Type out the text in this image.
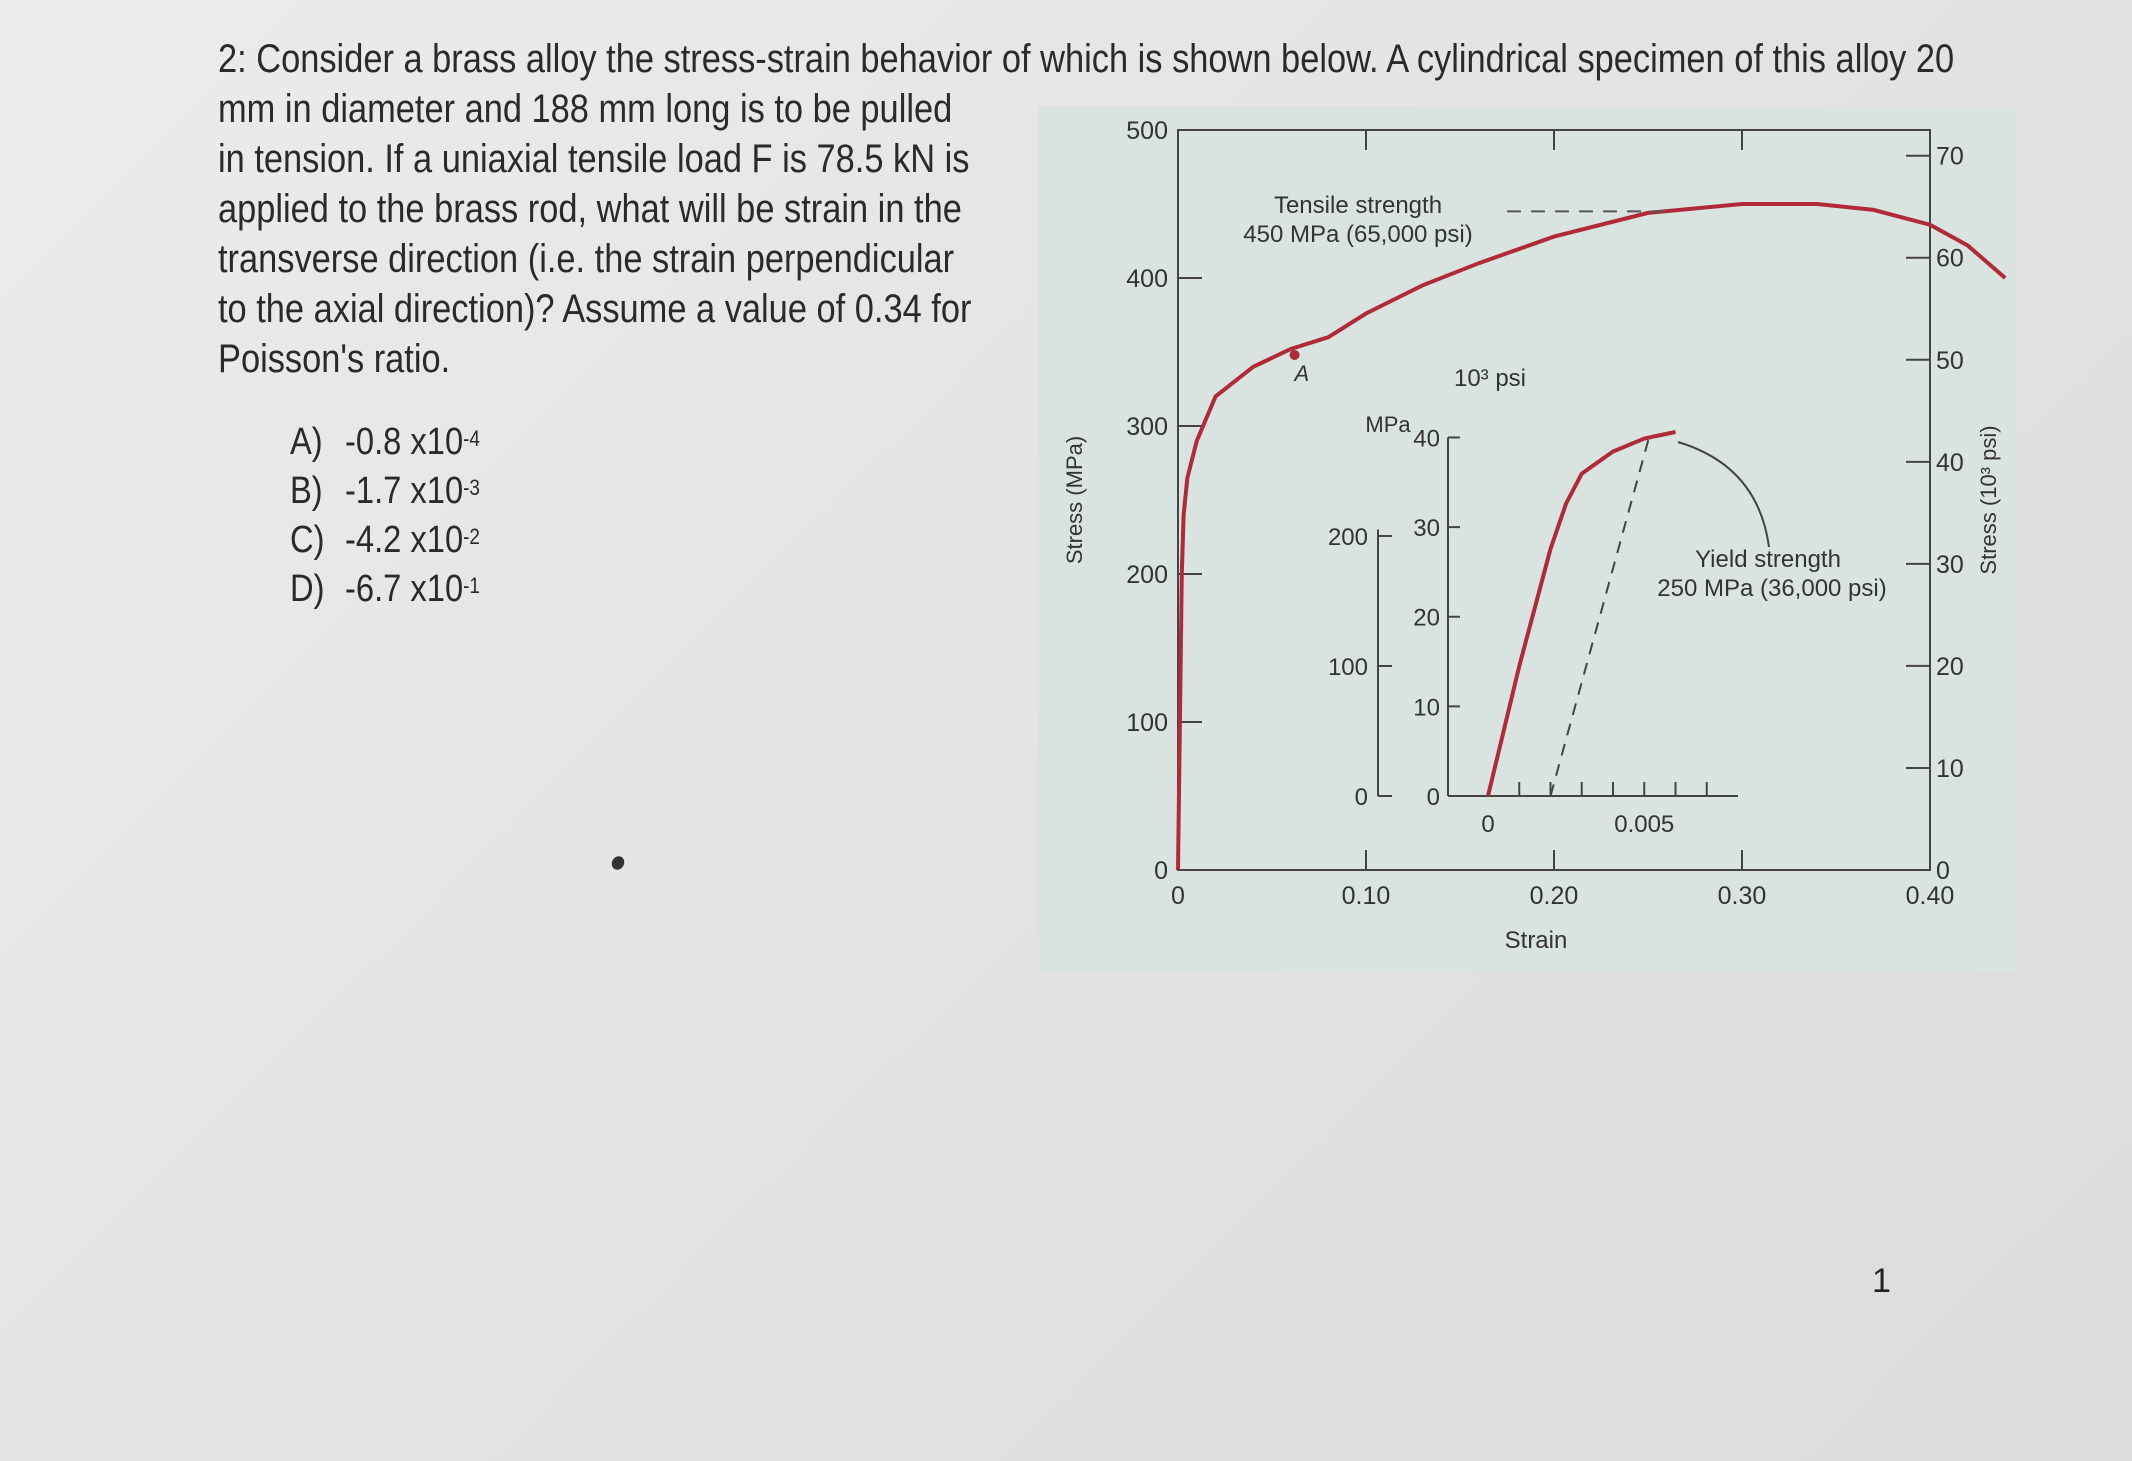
2: Consider a brass alloy the stress-strain behavior of which is shown below. A cylindrical specimen of this alloy 20
mm in diameter and 188 mm long is to be pulled in tension. If a uniaxial tensile load F is 78.5 kN is applied to the brass rod, what will be strain in the transverse direction (i.e. the strain perpendicular to the axial direction)? Assume a value of 0.34 for Poisson's ratio.
A) -0.8 $x10^{-4}$
B) -1.7 $x10^{-3}$
C) -4.2 $x10^{-2}$
D) -6.7 $x10^{-1}$
0
100
200
300
400
500
0	0.10	0.20	0.30	0.40
0
10
20
30
40
50
60
70
Stress (MPa)	Stress (10³ psi)
Strain
A
Tensile strength
450 MPa (65,000 psi)
0
10
20
30
40
0
100
200
0	0.005
MPa
10³ psi
Yield strength
250 MPa (36,000 psi)
1
